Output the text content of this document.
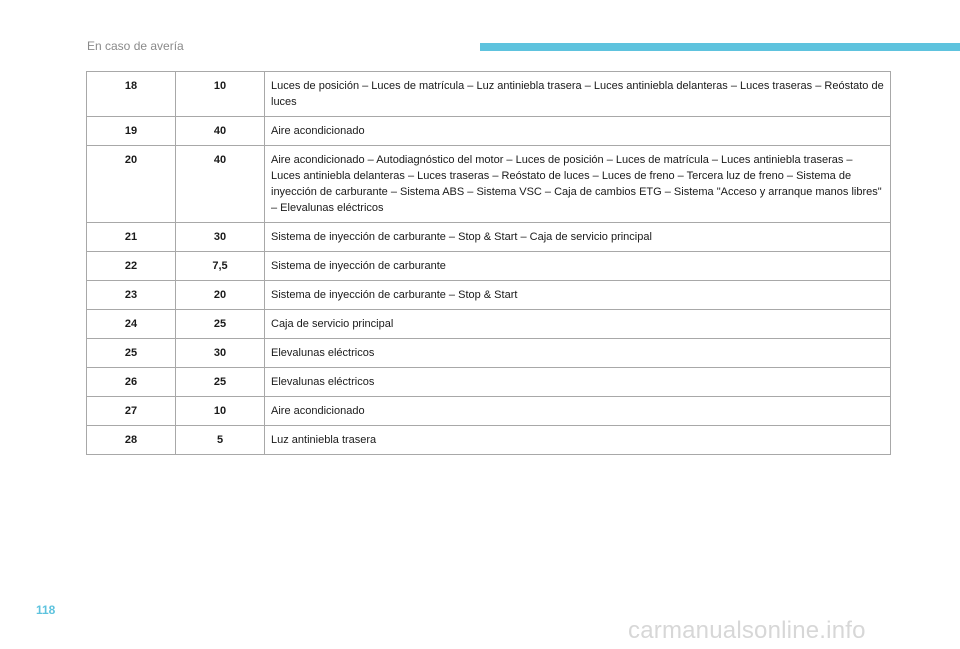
En caso de avería
18	10	Luces de posición – Luces de matrícula – Luz antiniebla trasera – Luces antiniebla delanteras – Luces traseras – Reóstato de luces
19	40	Aire acondicionado
20	40	Aire acondicionado – Autodiagnóstico del motor – Luces de posición – Luces de matrícula – Luces antiniebla traseras – Luces antiniebla delanteras – Luces traseras – Reóstato de luces – Luces de freno – Tercera luz de freno – Sistema de inyección de carburante – Sistema ABS – Sistema VSC – Caja de cambios ETG – Sistema "Acceso y arranque manos libres" – Elevalunas eléctricos
21	30	Sistema de inyección de carburante – Stop & Start – Caja de servicio principal
22	7,5	Sistema de inyección de carburante
23	20	Sistema de inyección de carburante – Stop & Start
24	25	Caja de servicio principal
25	30	Elevalunas eléctricos
26	25	Elevalunas eléctricos
27	10	Aire acondicionado
28	5	Luz antiniebla trasera
118
carmanualsonline.info
